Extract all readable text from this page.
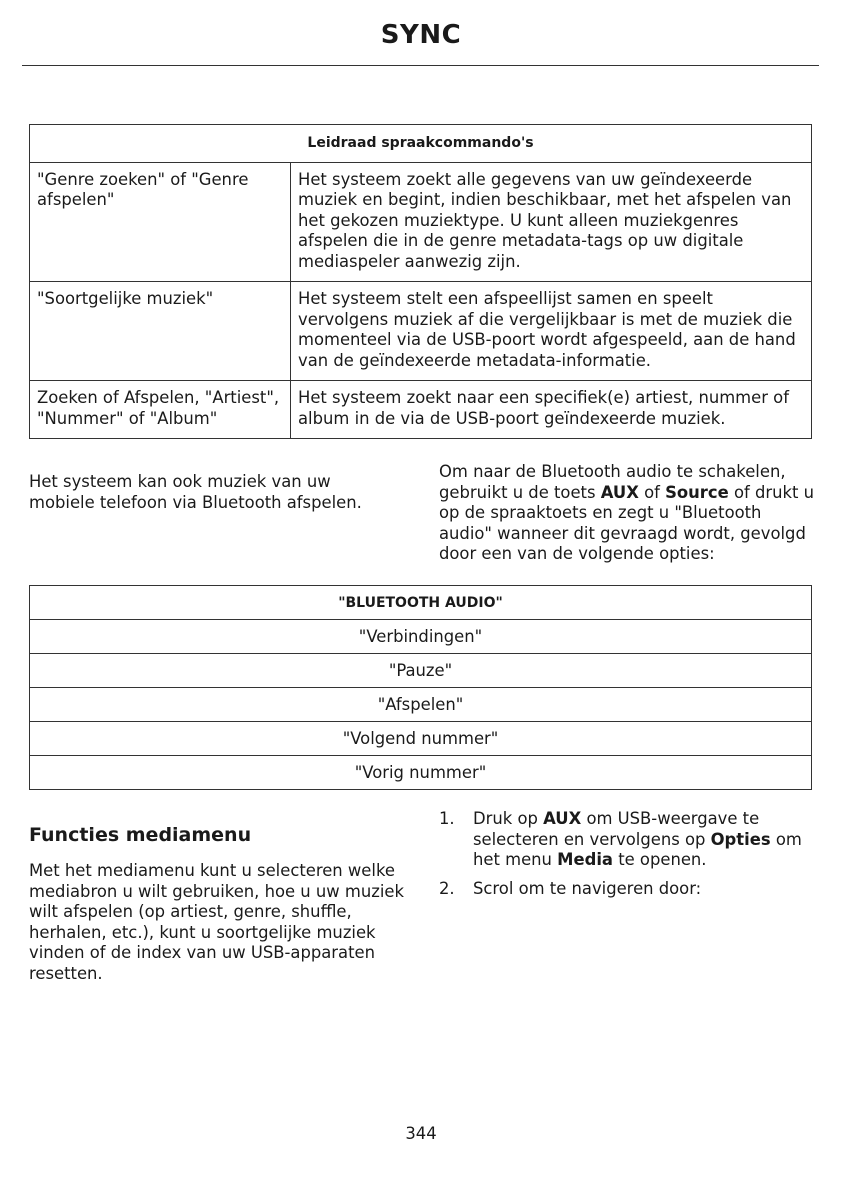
SYNC
Leidraad spraakcommando's	
"Genre zoeken" of "Genre afspelen"	Het systeem zoekt alle gegevens van uw geïndexeerde muziek en begint, indien beschikbaar, met het afspelen van het gekozen muziektype. U kunt alleen muziekgenres afspelen die in de genre metadata-tags op uw digitale mediaspeler aanwezig zijn.
"Soortgelijke muziek"	Het systeem stelt een afspeellijst samen en speelt vervolgens muziek af die vergelijkbaar is met de muziek die momenteel via de USB-poort wordt afgespeeld, aan de hand van de geïndexeerde metadata-informatie.
Zoeken of Afspelen, "Artiest", "Nummer" of "Album"	Het systeem zoekt naar een specifiek(e) artiest, nummer of album in de via de USB-poort geïndexeerde muziek.
Het systeem kan ook muziek van uw mobiele telefoon via Bluetooth afspelen.
Om naar de Bluetooth audio te schakelen, gebruikt u de toets AUX of Source of drukt u op de spraaktoets en zegt u "Bluetooth audio" wanneer dit gevraagd wordt, gevolgd door een van de volgende opties:
"BLUETOOTH AUDIO"
"Verbindingen"
"Pauze"
"Afspelen"
"Volgend nummer"
"Vorig nummer"
Functies mediamenu
Met het mediamenu kunt u selecteren welke mediabron u wilt gebruiken, hoe u uw muziek wilt afspelen (op artiest, genre, shuffle, herhalen, etc.), kunt u soortgelijke muziek vinden of de index van uw USB-apparaten resetten.
1. Druk op AUX om USB-weergave te selecteren en vervolgens op Opties om het menu Media te openen.
2. Scrol om te navigeren door:
344
